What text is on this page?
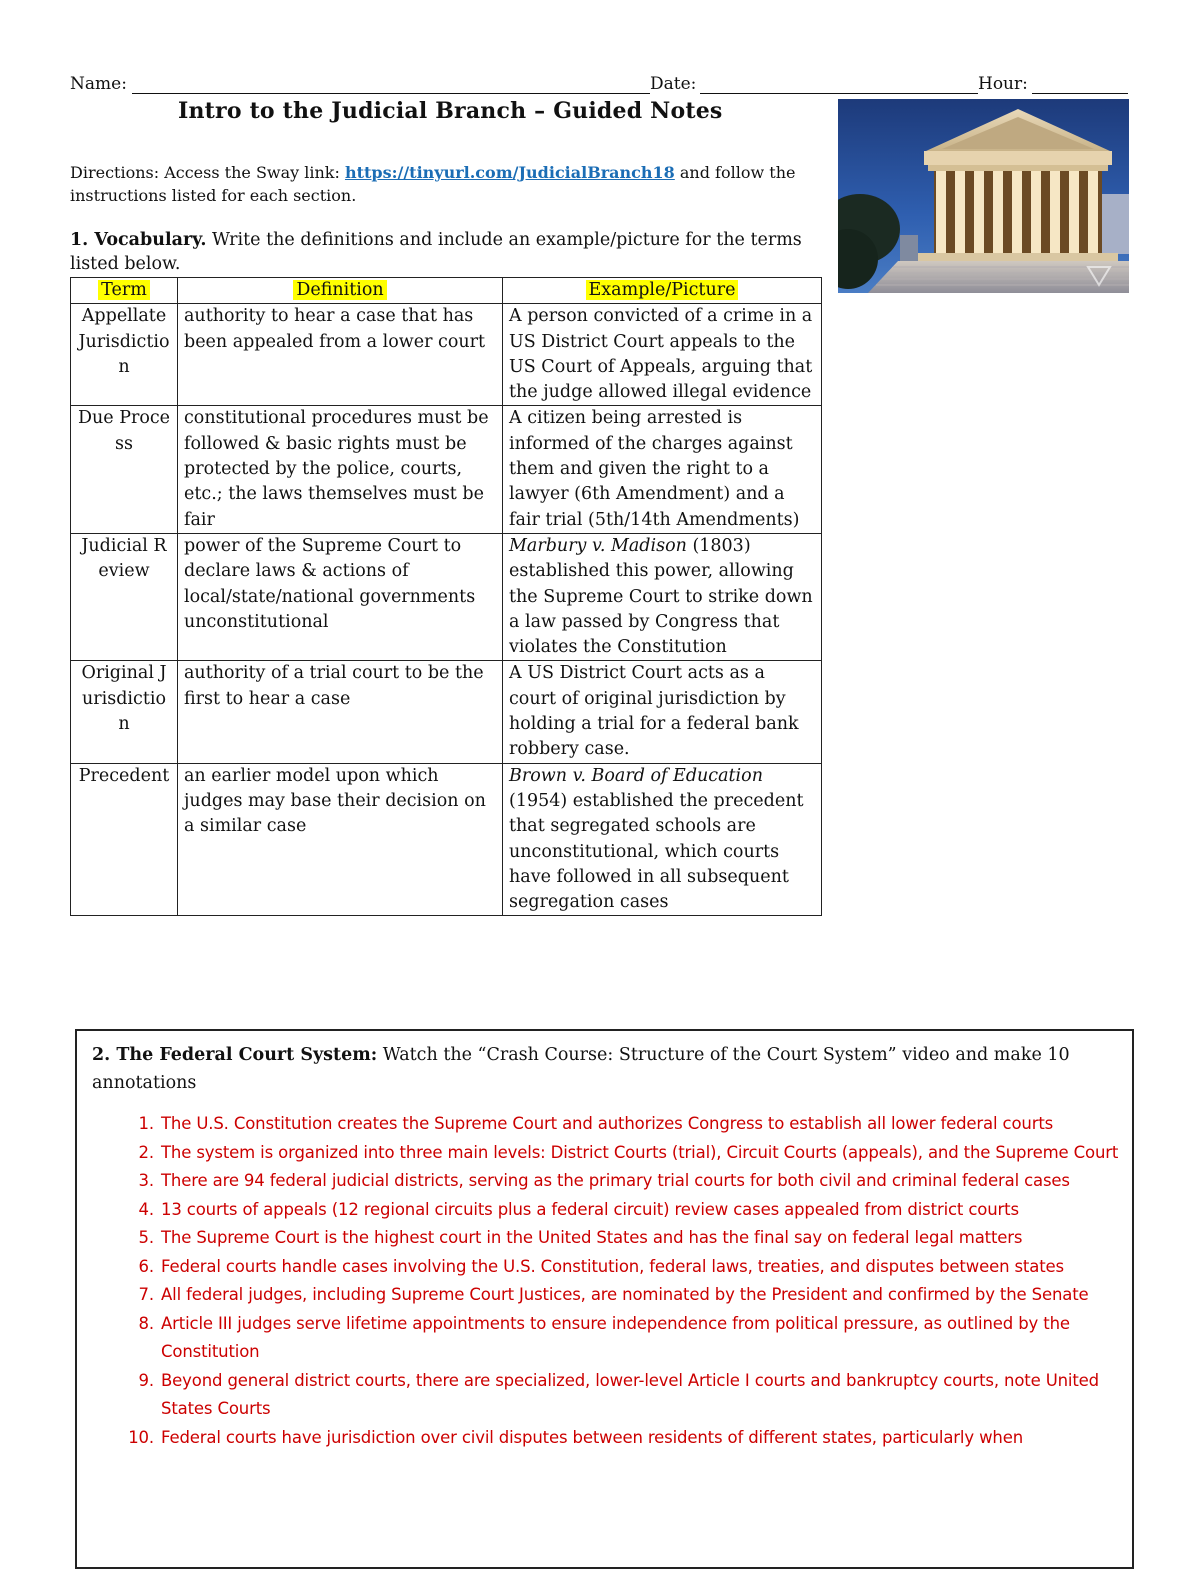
Name:	Date:	Hour:
Intro to the Judicial Branch – Guided Notes
Directions: Access the Sway link: https://tinyurl.com/JudicialBranch18 and follow the instructions listed for each section.
1. Vocabulary. Write the definitions and include an example/picture for the terms listed below.
Term	Definition	Example/Picture
Appellate Jurisdiction	authority to hear a case that has been appealed from a lower court	A person convicted of a crime in a US District Court appeals to the US Court of Appeals, arguing that the judge allowed illegal evidence
Due Process	constitutional procedures must be followed & basic rights must be protected by the police, courts, etc.; the laws themselves must be fair	A citizen being arrested is informed of the charges against them and given the right to a lawyer (6th Amendment) and a fair trial (5th/14th Amendments)
Judicial Review	power of the Supreme Court to declare laws & actions of local/state/national governments unconstitutional	Marbury v. Madison (1803) established this power, allowing the Supreme Court to strike down a law passed by Congress that violates the Constitution
Original Jurisdiction	authority of a trial court to be the first to hear a case	A US District Court acts as a court of original jurisdiction by holding a trial for a federal bank robbery case.
Precedent	an earlier model upon which judges may base their decision on a similar case	Brown v. Board of Education (1954) established the precedent that segregated schools are unconstitutional, which courts have followed in all subsequent segregation cases
2. The Federal Court System: Watch the “Crash Course: Structure of the Court System” video and make 10 annotations
1. The U.S. Constitution creates the Supreme Court and authorizes Congress to establish all lower federal courts
2. The system is organized into three main levels: District Courts (trial), Circuit Courts (appeals), and the Supreme Court
3. There are 94 federal judicial districts, serving as the primary trial courts for both civil and criminal federal cases
4. 13 courts of appeals (12 regional circuits plus a federal circuit) review cases appealed from district courts
5. The Supreme Court is the highest court in the United States and has the final say on federal legal matters
6. Federal courts handle cases involving the U.S. Constitution, federal laws, treaties, and disputes between states
7. All federal judges, including Supreme Court Justices, are nominated by the President and confirmed by the Senate
8. Article III judges serve lifetime appointments to ensure independence from political pressure, as outlined by the Constitution
9. Beyond general district courts, there are specialized, lower-level Article I courts and bankruptcy courts, note United States Courts
10. Federal courts have jurisdiction over civil disputes between residents of different states, particularly when
